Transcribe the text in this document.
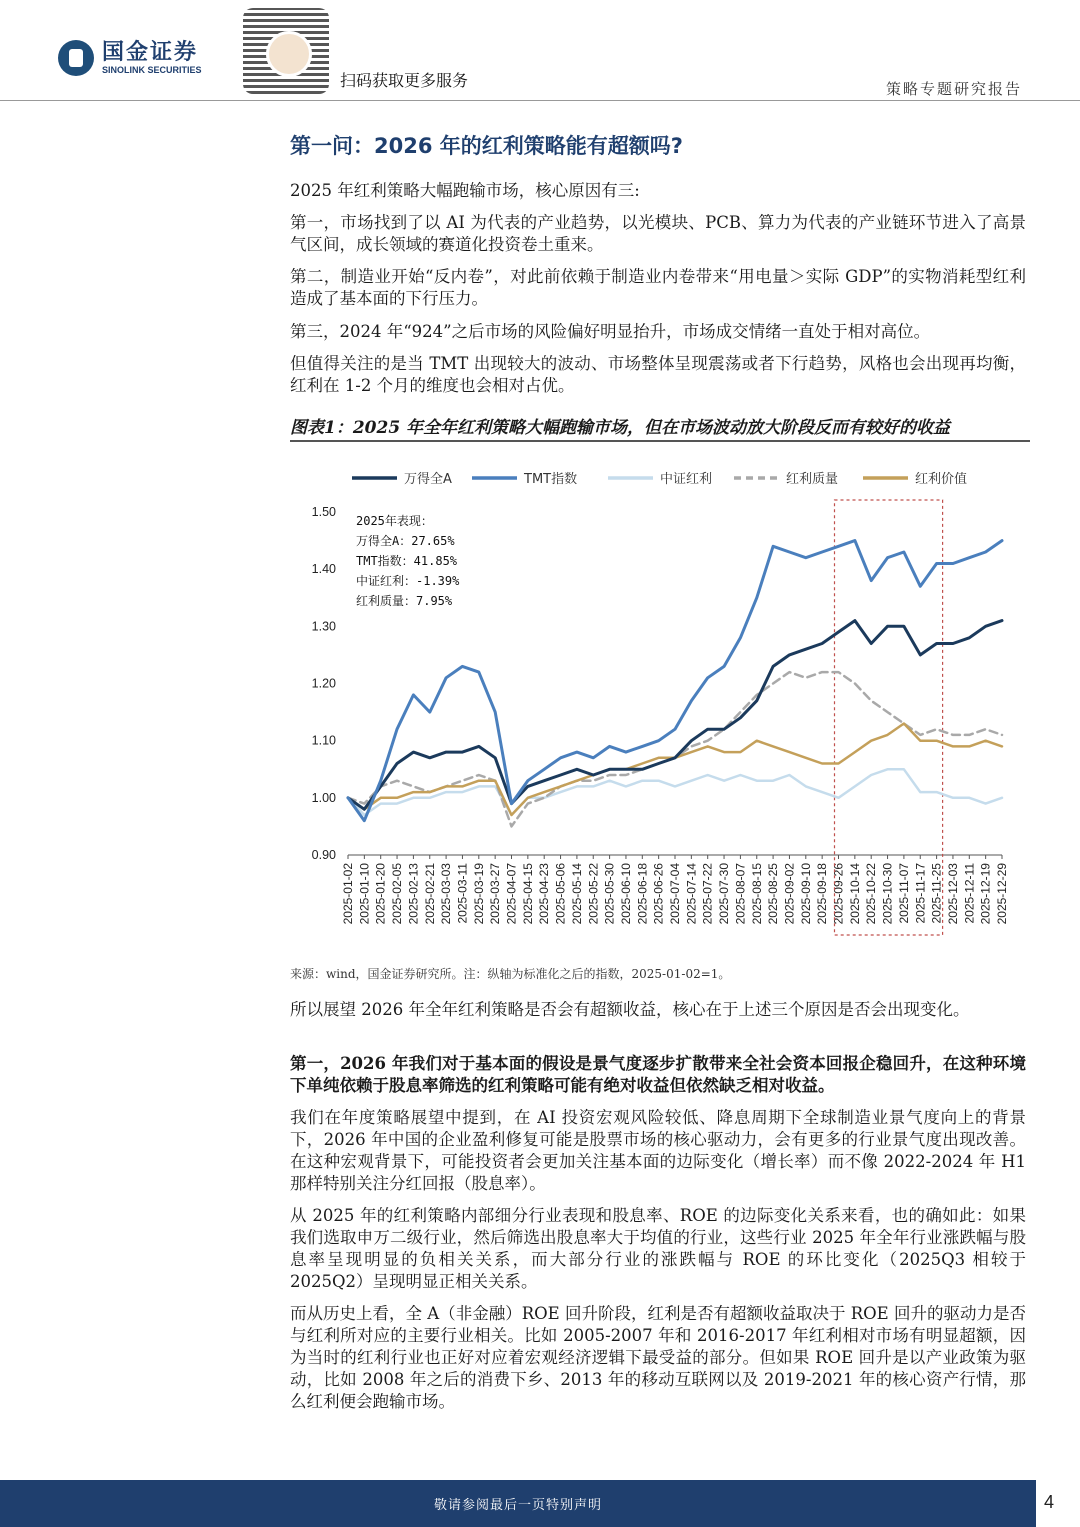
国金证券
SINOLINK SECURITIES
扫码获取更多服务	策略专题研究报告
第一问：2026 年的红利策略能有超额吗?
2025 年红利策略大幅跑输市场，核心原因有三:
第一，市场找到了以 AI 为代表的产业趋势，以光模块、PCB、算力为代表的产业链环节进入了高景气区间，成长领域的赛道化投资卷土重来。
第二，制造业开始“反内卷”，对此前依赖于制造业内卷带来“用电量＞实际 GDP”的实物消耗型红利造成了基本面的下行压力。
第三，2024 年“924”之后市场的风险偏好明显抬升，市场成交情绪一直处于相对高位。
但值得关注的是当 TMT 出现较大的波动、市场整体呈现震荡或者下行趋势，风格也会出现再均衡，红利在 1-2 个月的维度也会相对占优。
图表1：2025 年全年红利策略大幅跑输市场，但在市场波动放大阶段反而有较好的收益
万得全A	TMT指数	中证红利	红利质量	红利价值
0.90
1.00
1.10
1.20
1.30
1.40
1.50
2025-01-02 2025-01-10 2025-01-20 2025-02-05 2025-02-13 2025-02-21 2025-03-03 2025-03-11 2025-03-19 2025-03-27 2025-04-07 2025-04-15 2025-04-23 2025-05-06 2025-05-14 2025-05-22 2025-05-30 2025-06-10 2025-06-18 2025-06-26 2025-07-04 2025-07-14 2025-07-22 2025-07-30 2025-08-07 2025-08-15 2025-08-25 2025-09-02 2025-09-10 2025-09-18 2025-09-26 2025-10-14 2025-10-22 2025-10-30 2025-11-07 2025-11-17 2025-11-25 2025-12-03 2025-12-11 2025-12-19 2025-12-29
2025年表现：
万得全A：27.65%
TMT指数：41.85%
中证红利：-1.39%
红利质量：7.95%
来源：wind，国金证券研究所。注：纵轴为标准化之后的指数，2025-01-02=1。
所以展望 2026 年全年红利策略是否会有超额收益，核心在于上述三个原因是否会出现变化。
第一，2026 年我们对于基本面的假设是景气度逐步扩散带来全社会资本回报企稳回升，在这种环境下单纯依赖于股息率筛选的红利策略可能有绝对收益但依然缺乏相对收益。
我们在年度策略展望中提到，在 AI 投资宏观风险较低、降息周期下全球制造业景气度向上的背景下，2026 年中国的企业盈利修复可能是股票市场的核心驱动力，会有更多的行业景气度出现改善。在这种宏观背景下，可能投资者会更加关注基本面的边际变化（增长率）而不像 2022-2024 年 H1 那样特别关注分红回报（股息率）。
从 2025 年的红利策略内部细分行业表现和股息率、ROE 的边际变化关系来看，也的确如此：如果我们选取申万二级行业，然后筛选出股息率大于均值的行业，这些行业 2025 年全年行业涨跌幅与股息率呈现明显的负相关关系，而大部分行业的涨跌幅与 ROE 的环比变化（2025Q3 相较于 2025Q2）呈现明显正相关关系。
而从历史上看，全 A（非金融）ROE 回升阶段，红利是否有超额收益取决于 ROE 回升的驱动力是否与红利所对应的主要行业相关。比如 2005-2007 年和 2016-2017 年红利相对市场有明显超额，因为当时的红利行业也正好对应着宏观经济逻辑下最受益的部分。但如果 ROE 回升是以产业政策为驱动，比如 2008 年之后的消费下乡、2013 年的移动互联网以及 2019-2021 年的核心资产行情，那么红利便会跑输市场。
敬请参阅最后一页特别声明	4
